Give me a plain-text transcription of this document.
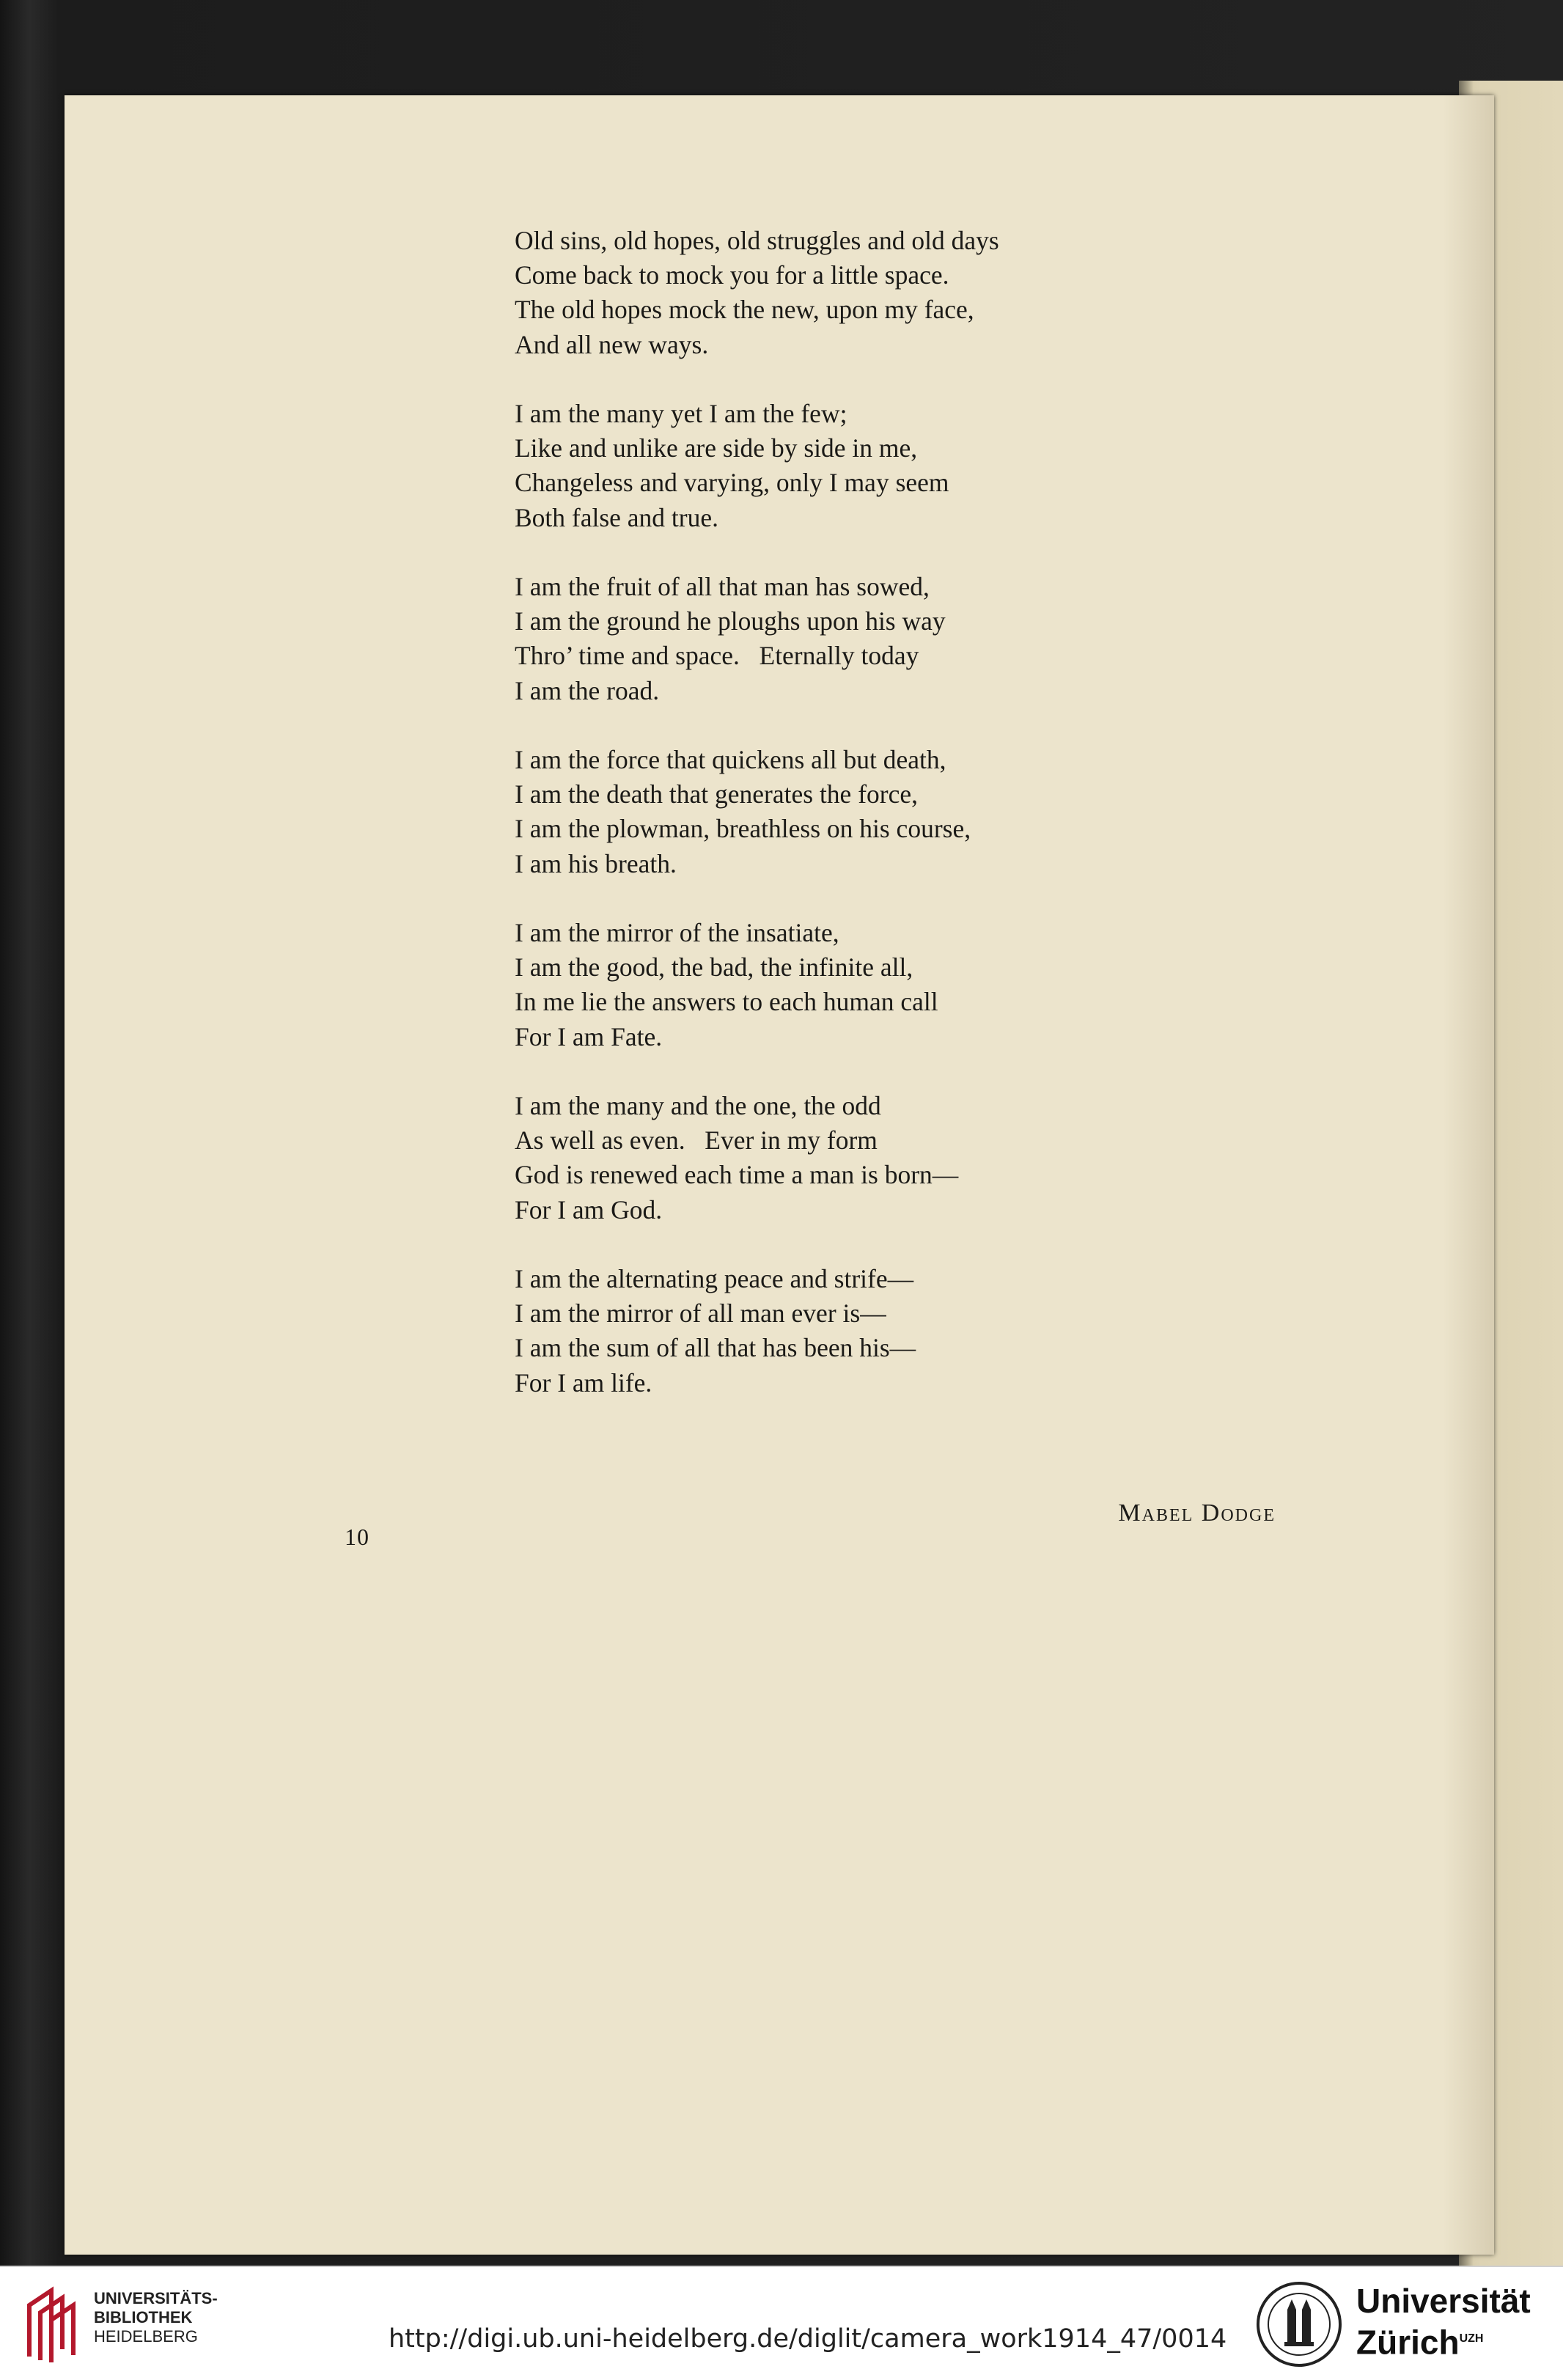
Old sins, old hopes, old struggles and old days
Come back to mock you for a little space.
The old hopes mock the new, upon my face,
And all new ways.
I am the many yet I am the few;
Like and unlike are side by side in me,
Changeless and varying, only I may seem
Both false and true.
I am the fruit of all that man has sowed,
I am the ground he ploughs upon his way
Thro’ time and space.   Eternally today
I am the road.
I am the force that quickens all but death,
I am the death that generates the force,
I am the plowman, breathless on his course,
I am his breath.
I am the mirror of the insatiate,
I am the good, the bad, the infinite all,
In me lie the answers to each human call
For I am Fate.
I am the many and the one, the odd
As well as even.   Ever in my form
God is renewed each time a man is born—
For I am God.
I am the alternating peace and strife—
I am the mirror of all man ever is—
I am the sum of all that has been his—
For I am life.
Mabel Dodge
10
UNIVERSITÄTS-
BIBLIOTHEK
HEIDELBERG	http://digi.ub.uni-heidelberg.de/diglit/camera_work1914_47/0014
Universität
Zürich$^{UZH}$
